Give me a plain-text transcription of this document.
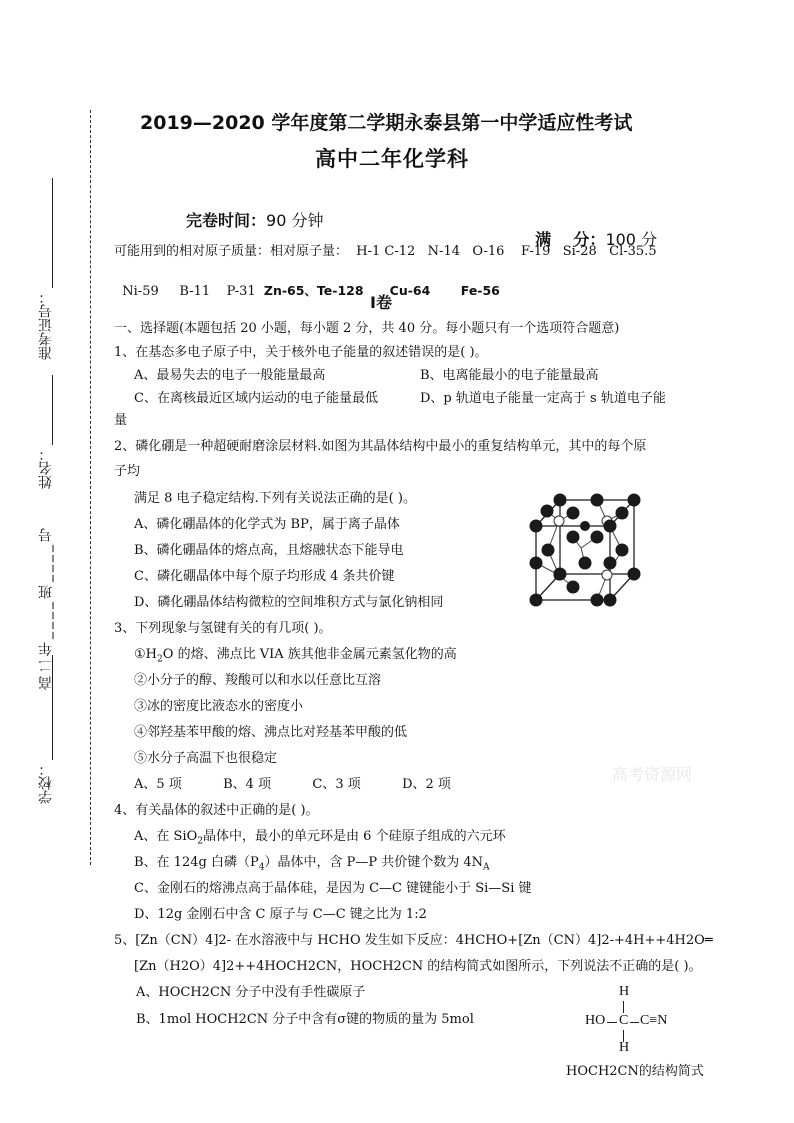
准考证号：
姓名：
高二年____班____号
学校：
2019—2020 学年度第二学期永泰县第一中学适应性考试
高中二年化学科
完卷时间：90 分钟

满    分：100 分

可能用到的相对原子质量：相对原子量：  H-1 C-12   N-14   O-16    F-19   Si-28   Cl-35.5

Ni-59     B-11    P-31  Zn-65、Te-128      Cu-64       Fe-56

Ⅰ卷
一、选择题(本题包括 20 小题，每小题 2 分，共 40 分。每小题只有一个选项符合题意)
1、在基态多电子原子中，关于核外电子能量的叙述错误的是( )。
A、最易失去的电子一般能量最高	B、电离能最小的电子能量最高
C、在离核最近区域内运动的电子能量最低	D、p 轨道电子能量一定高于 s 轨道电子能
量
2、磷化硼是一种超硬耐磨涂层材料.如图为其晶体结构中最小的重复结构单元，其中的每个原
子均
满足 8 电子稳定结构.下列有关说法正确的是( )。
A、磷化硼晶体的化学式为 BP，属于离子晶体
B、磷化硼晶体的熔点高，且熔融状态下能导电
C、磷化硼晶体中每个原子均形成 4 条共价键
D、磷化硼晶体结构微粒的空间堆积方式与氯化钠相同
3、下列现象与氢键有关的有几项( )。
$①H_2O$ 的熔、沸点比 VIA 族其他非金属元素氢化物的高
②小分子的醇、羧酸可以和水以任意比互溶
③冰的密度比液态水的密度小
④邻羟基苯甲酸的熔、沸点比对羟基苯甲酸的低
⑤水分子高温下也很稳定
A、5 项          B、4 项          C、3 项          D、2 项
高考资源网
4、有关晶体的叙述中正确的是( )。
A、在 SiO$_2$晶体中，最小的单元环是由 6 个硅原子组成的六元环
B、在 124g 白磷$(P_4)$晶体中，含 P—P 共价键个数为 $4N_A$
C、金刚石的熔沸点高于晶体硅，是因为 C—C 键键能小于 Si—Si 键
D、12g 金刚石中含 C 原子与 C—C 键之比为 1:2
5、[Zn（CN）4]2- 在水溶液中与 HCHO 发生如下反应：4HCHO+[Zn（CN）4]2-+4H++4H2O═
[Zn（H2O）4]2++4HOCH2CN，HOCH2CN 的结构简式如图所示，下列说法不正确的是( )。
A、HOCH2CN 分子中没有手性碳原子
B、1mol HOCH2CN 分子中含有σ键的物质的量为 5mol
H
HO C C≡N
H
HOCH2CN的结构简式
